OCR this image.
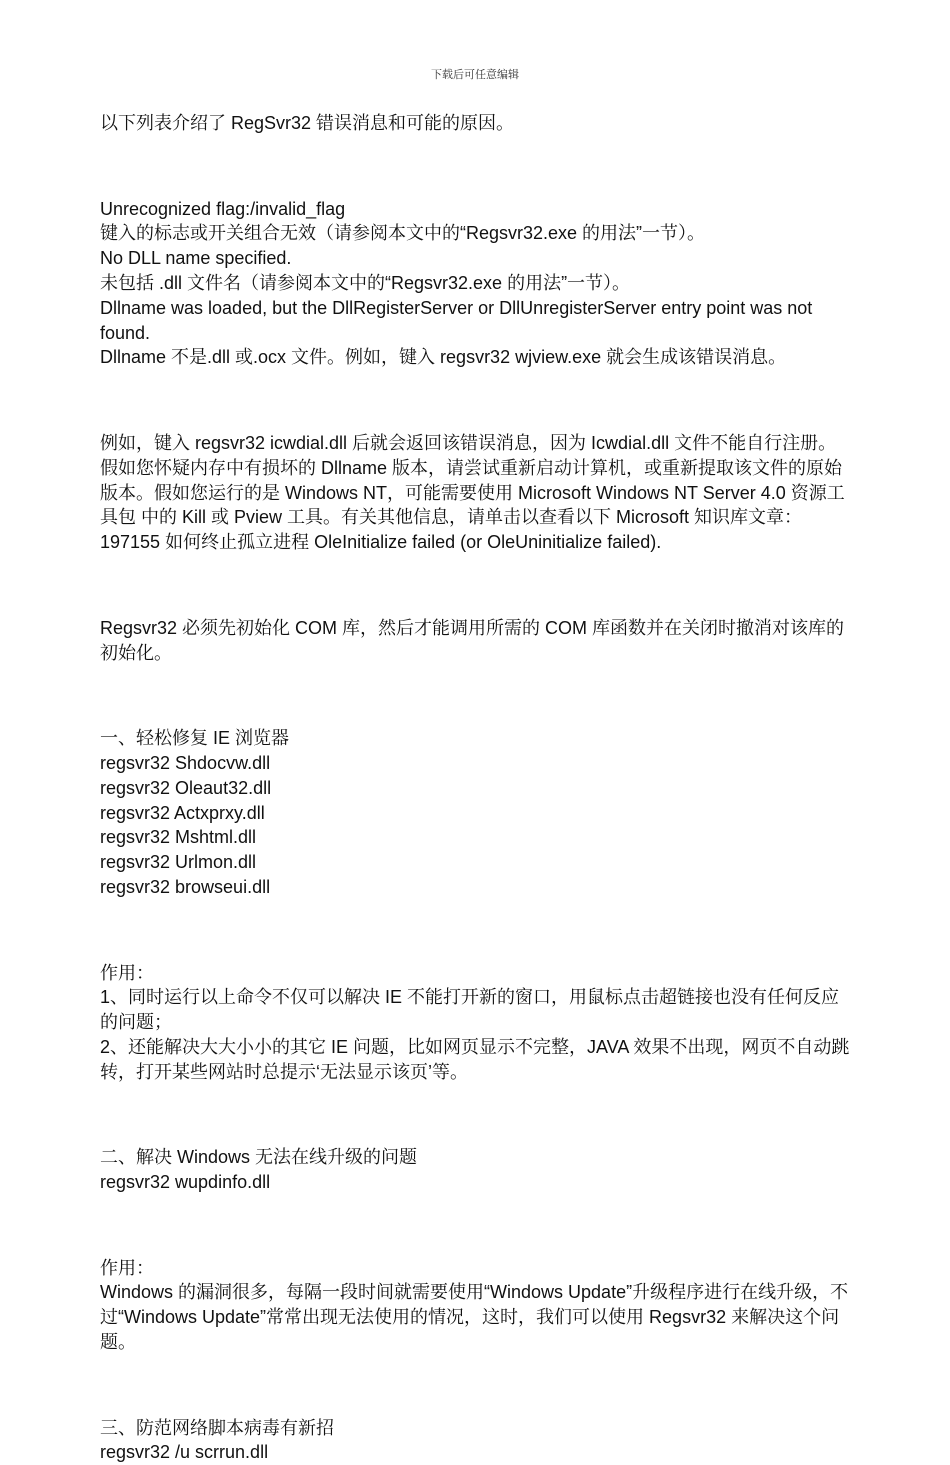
下载后可任意编辑

以下列表介绍了 RegSvr32 错误消息和可能的原因。

Unrecognized flag:/invalid_flag

键入的标志或开关组合无效（请参阅本文中的“Regsvr32.exe 的用法”一节）。

No DLL name specified.

未包括 .dll 文件名（请参阅本文中的“Regsvr32.exe 的用法”一节）。

Dllname was loaded, but the DllRegisterServer or DllUnregisterServer entry point was not found.

Dllname 不是.dll 或.ocx 文件。例如，键入 regsvr32 wjview.exe 就会生成该错误消息。

例如，键入 regsvr32 icwdial.dll 后就会返回该错误消息，因为 Icwdial.dll 文件不能自行注册。假如您怀疑内存中有损坏的 Dllname 版本，请尝试重新启动计算机，或重新提取该文件的原始版本。假如您运行的是 Windows NT，可能需要使用 Microsoft Windows NT Server 4.0 资源工具包 中的 Kill 或 Pview 工具。有关其他信息，请单击以查看以下 Microsoft 知识库文章：197155 如何终止孤立进程 OleInitialize failed (or OleUninitialize failed).

Regsvr32 必须先初始化 COM 库，然后才能调用所需的 COM 库函数并在关闭时撤消对该库的初始化。

一、轻松修复 IE 浏览器

regsvr32 Shdocvw.dll

regsvr32 Oleaut32.dll

regsvr32 Actxprxy.dll

regsvr32 Mshtml.dll

regsvr32 Urlmon.dll

regsvr32 browseui.dll

作用：

1、同时运行以上命令不仅可以解决 IE 不能打开新的窗口，用鼠标点击超链接也没有任何反应的问题；

2、还能解决大大小小的其它 IE 问题，比如网页显示不完整，JAVA 效果不出现，网页不自动跳转，打开某些网站时总提示‘无法显示该页’等。

二、解决 Windows 无法在线升级的问题

regsvr32 wupdinfo.dll

作用：

Windows 的漏洞很多，每隔一段时间就需要使用“Windows Update”升级程序进行在线升级，不过“Windows Update”常常出现无法使用的情况，这时，我们可以使用 Regsvr32 来解决这个问题。

三、防范网络脚本病毒有新招

regsvr32 /u scrrun.dll
